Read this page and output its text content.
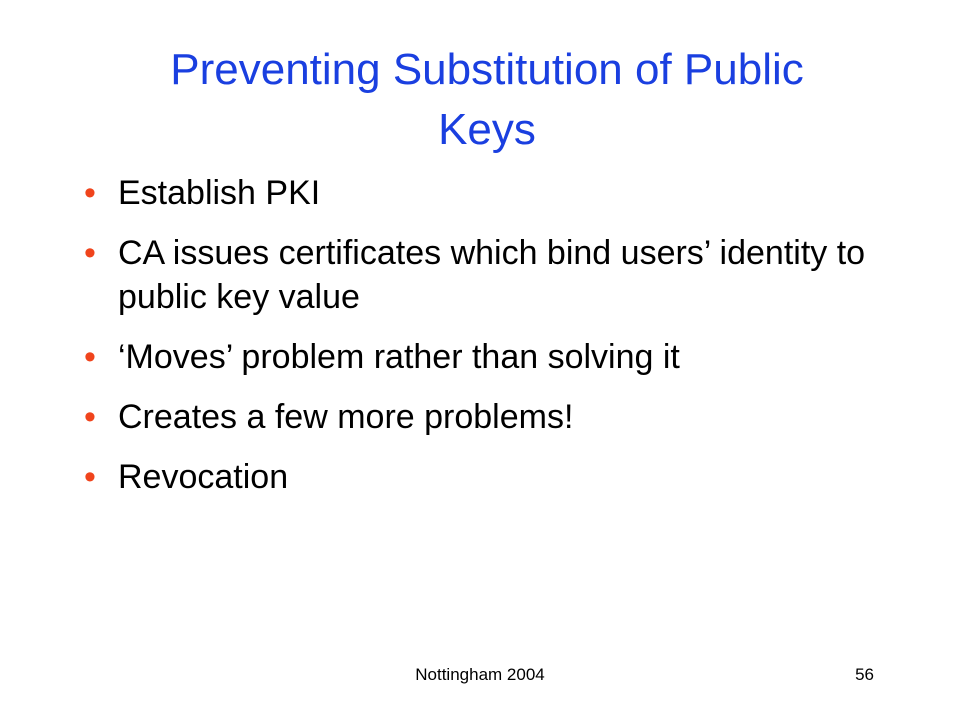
Preventing Substitution of Public Keys
• Establish PKI
• CA issues certificates which bind users’ identity to public key value
• ‘Moves’ problem rather than solving it
• Creates a few more problems!
• Revocation
Nottingham 2004	56
